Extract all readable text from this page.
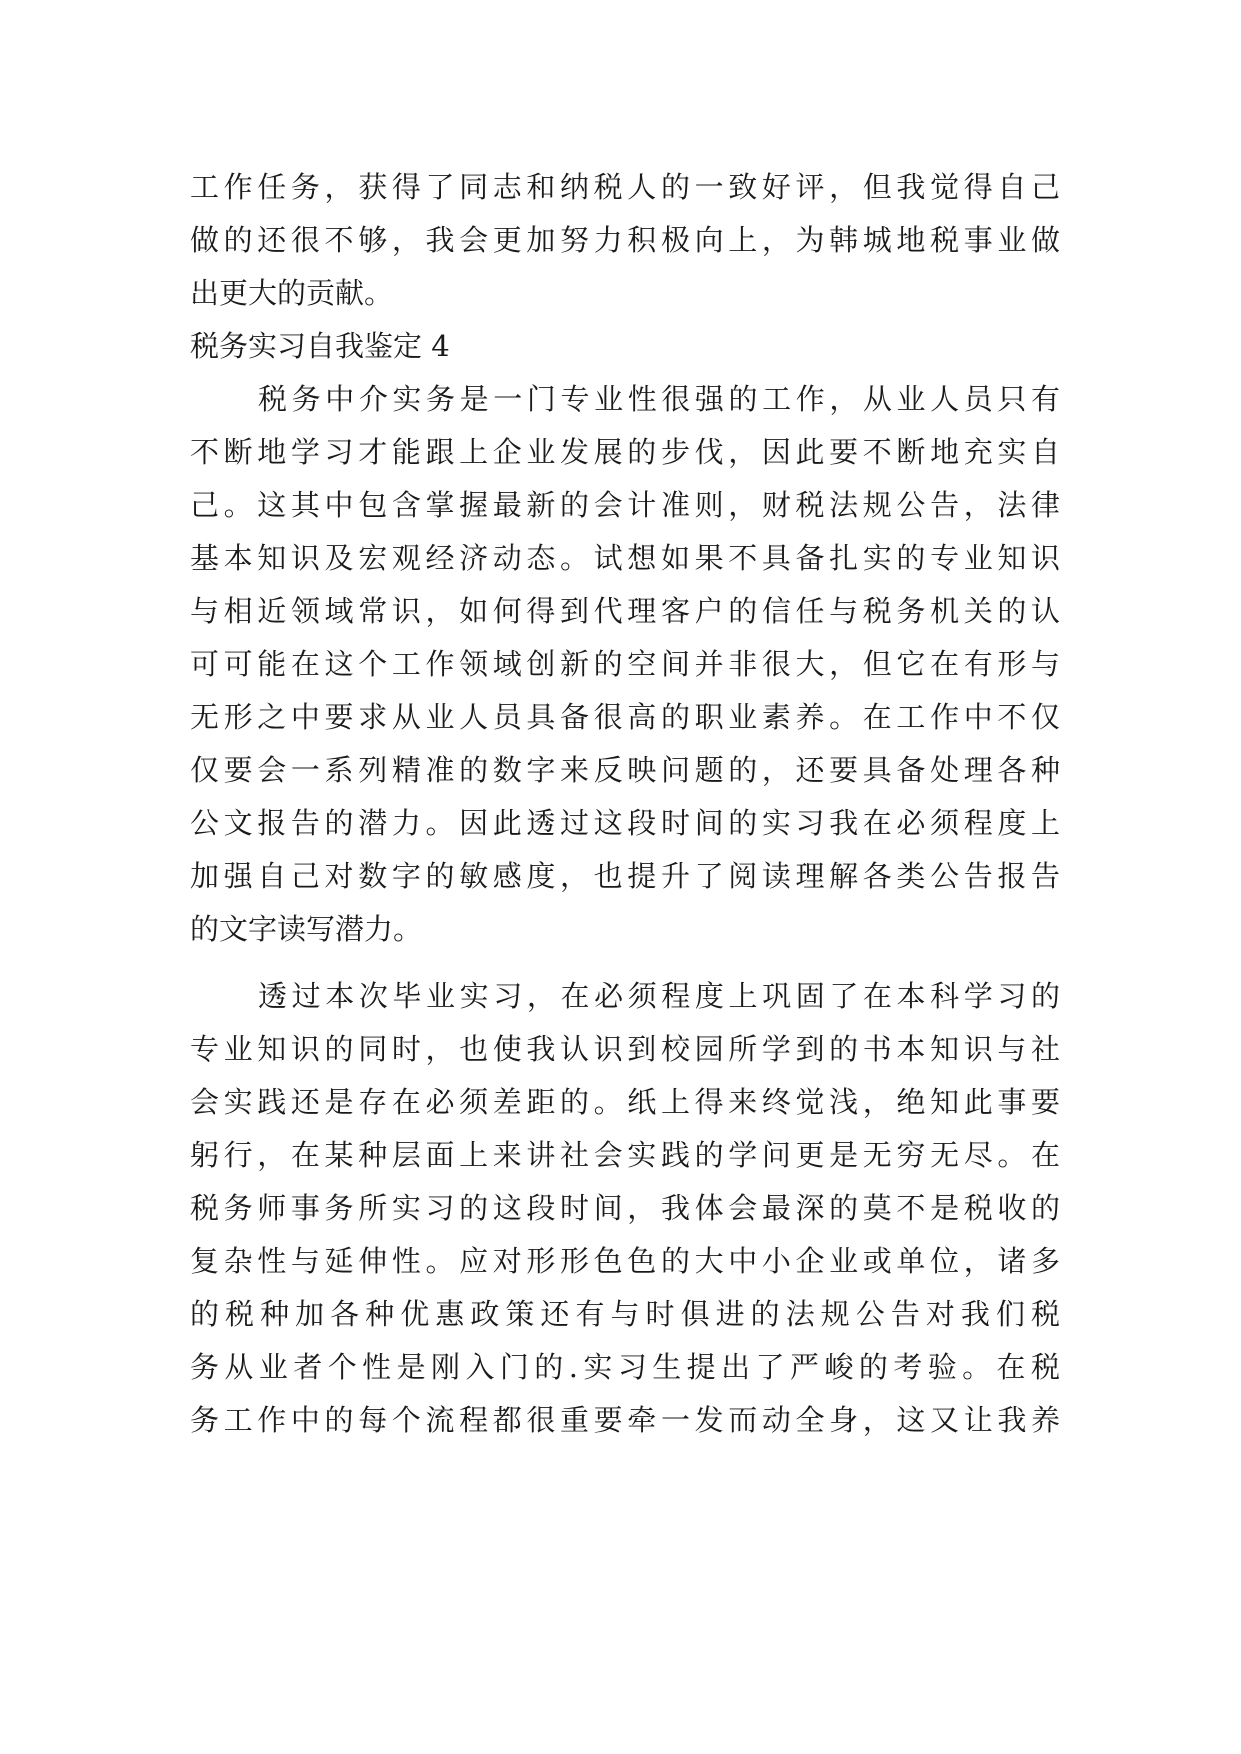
工作任务，获得了同志和纳税人的一致好评，但我觉得自己
做的还很不够，我会更加努力积极向上，为韩城地税事业做
出更大的贡献。
税务实习自我鉴定 4
税务中介实务是一门专业性很强的工作，从业人员只有
不断地学习才能跟上企业发展的步伐，因此要不断地充实自
己。这其中包含掌握最新的会计准则，财税法规公告，法律
基本知识及宏观经济动态。试想如果不具备扎实的专业知识
与相近领域常识，如何得到代理客户的信任与税务机关的认
可可能在这个工作领域创新的空间并非很大，但它在有形与
无形之中要求从业人员具备很高的职业素养。在工作中不仅
仅要会一系列精准的数字来反映问题的，还要具备处理各种
公文报告的潜力。因此透过这段时间的实习我在必须程度上
加强自己对数字的敏感度，也提升了阅读理解各类公告报告
的文字读写潜力。
透过本次毕业实习，在必须程度上巩固了在本科学习的
专业知识的同时，也使我认识到校园所学到的书本知识与社
会实践还是存在必须差距的。纸上得来终觉浅，绝知此事要
躬行，在某种层面上来讲社会实践的学问更是无穷无尽。在
税务师事务所实习的这段时间，我体会最深的莫不是税收的
复杂性与延伸性。应对形形色色的大中小企业或单位，诸多
的税种加各种优惠政策还有与时俱进的法规公告对我们税
务从业者个性是刚入门的.实习生提出了严峻的考验。在税
务工作中的每个流程都很重要牵一发而动全身，这又让我养
